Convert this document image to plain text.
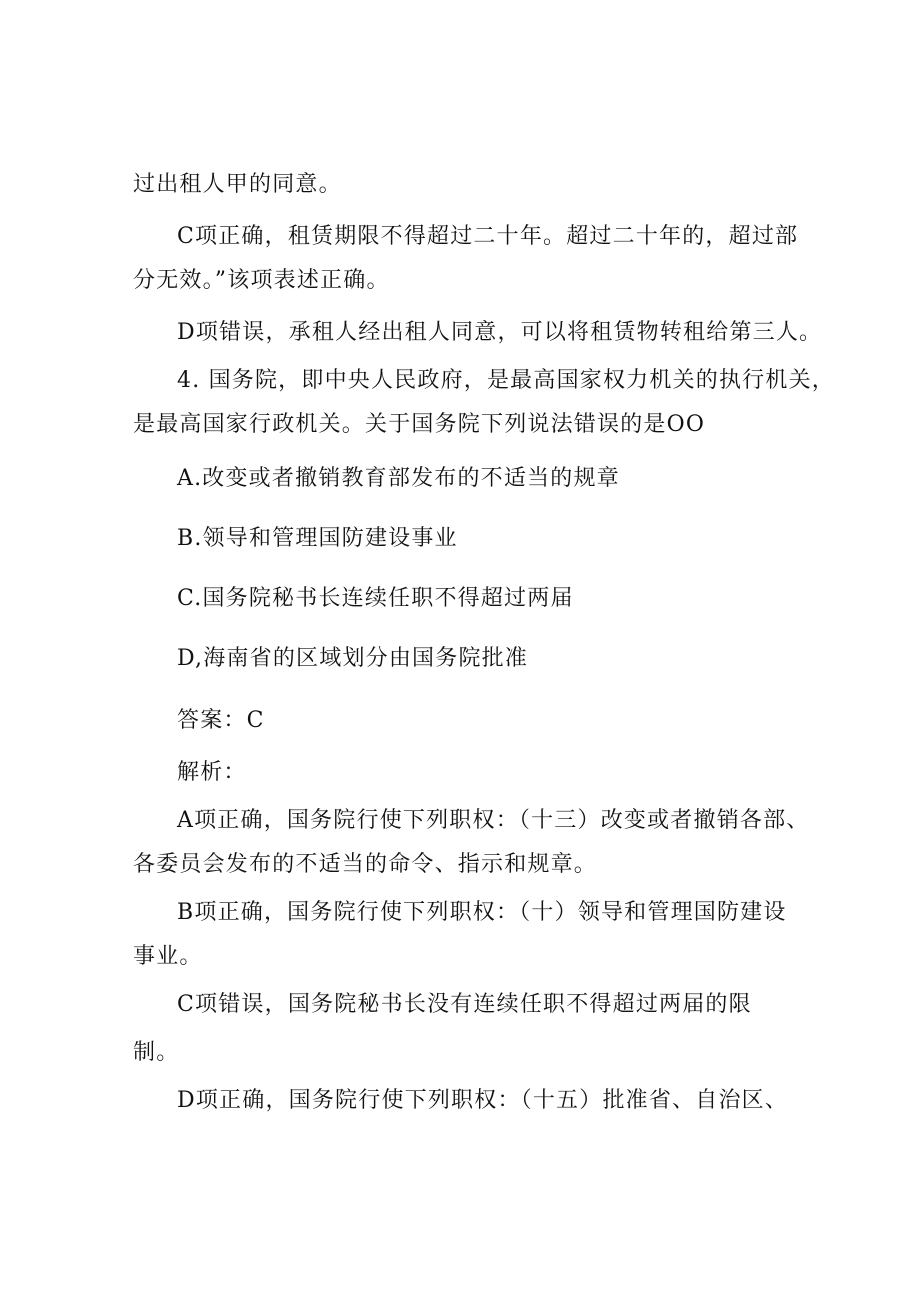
过出租人甲的同意。
C项正确，租赁期限不得超过二十年。超过二十年的，超过部
分无效。”该项表述正确。
D项错误，承租人经出租人同意，可以将租赁物转租给第三人。
4. 国务院，即中央人民政府，是最高国家权力机关的执行机关，
是最高国家行政机关。关于国务院下列说法错误的是OO
A.改变或者撤销教育部发布的不适当的规章
B.领导和管理国防建设事业
C.国务院秘书长连续任职不得超过两届
D,海南省的区域划分由国务院批准
答案：C
解析：
A项正确，国务院行使下列职权：（十三）改变或者撤销各部、
各委员会发布的不适当的命令、指示和规章。
B项正确，国务院行使下列职权：（十）领导和管理国防建设
事业。
C项错误，国务院秘书长没有连续任职不得超过两届的限
制。
D项正确，国务院行使下列职权：（十五）批准省、自治区、
